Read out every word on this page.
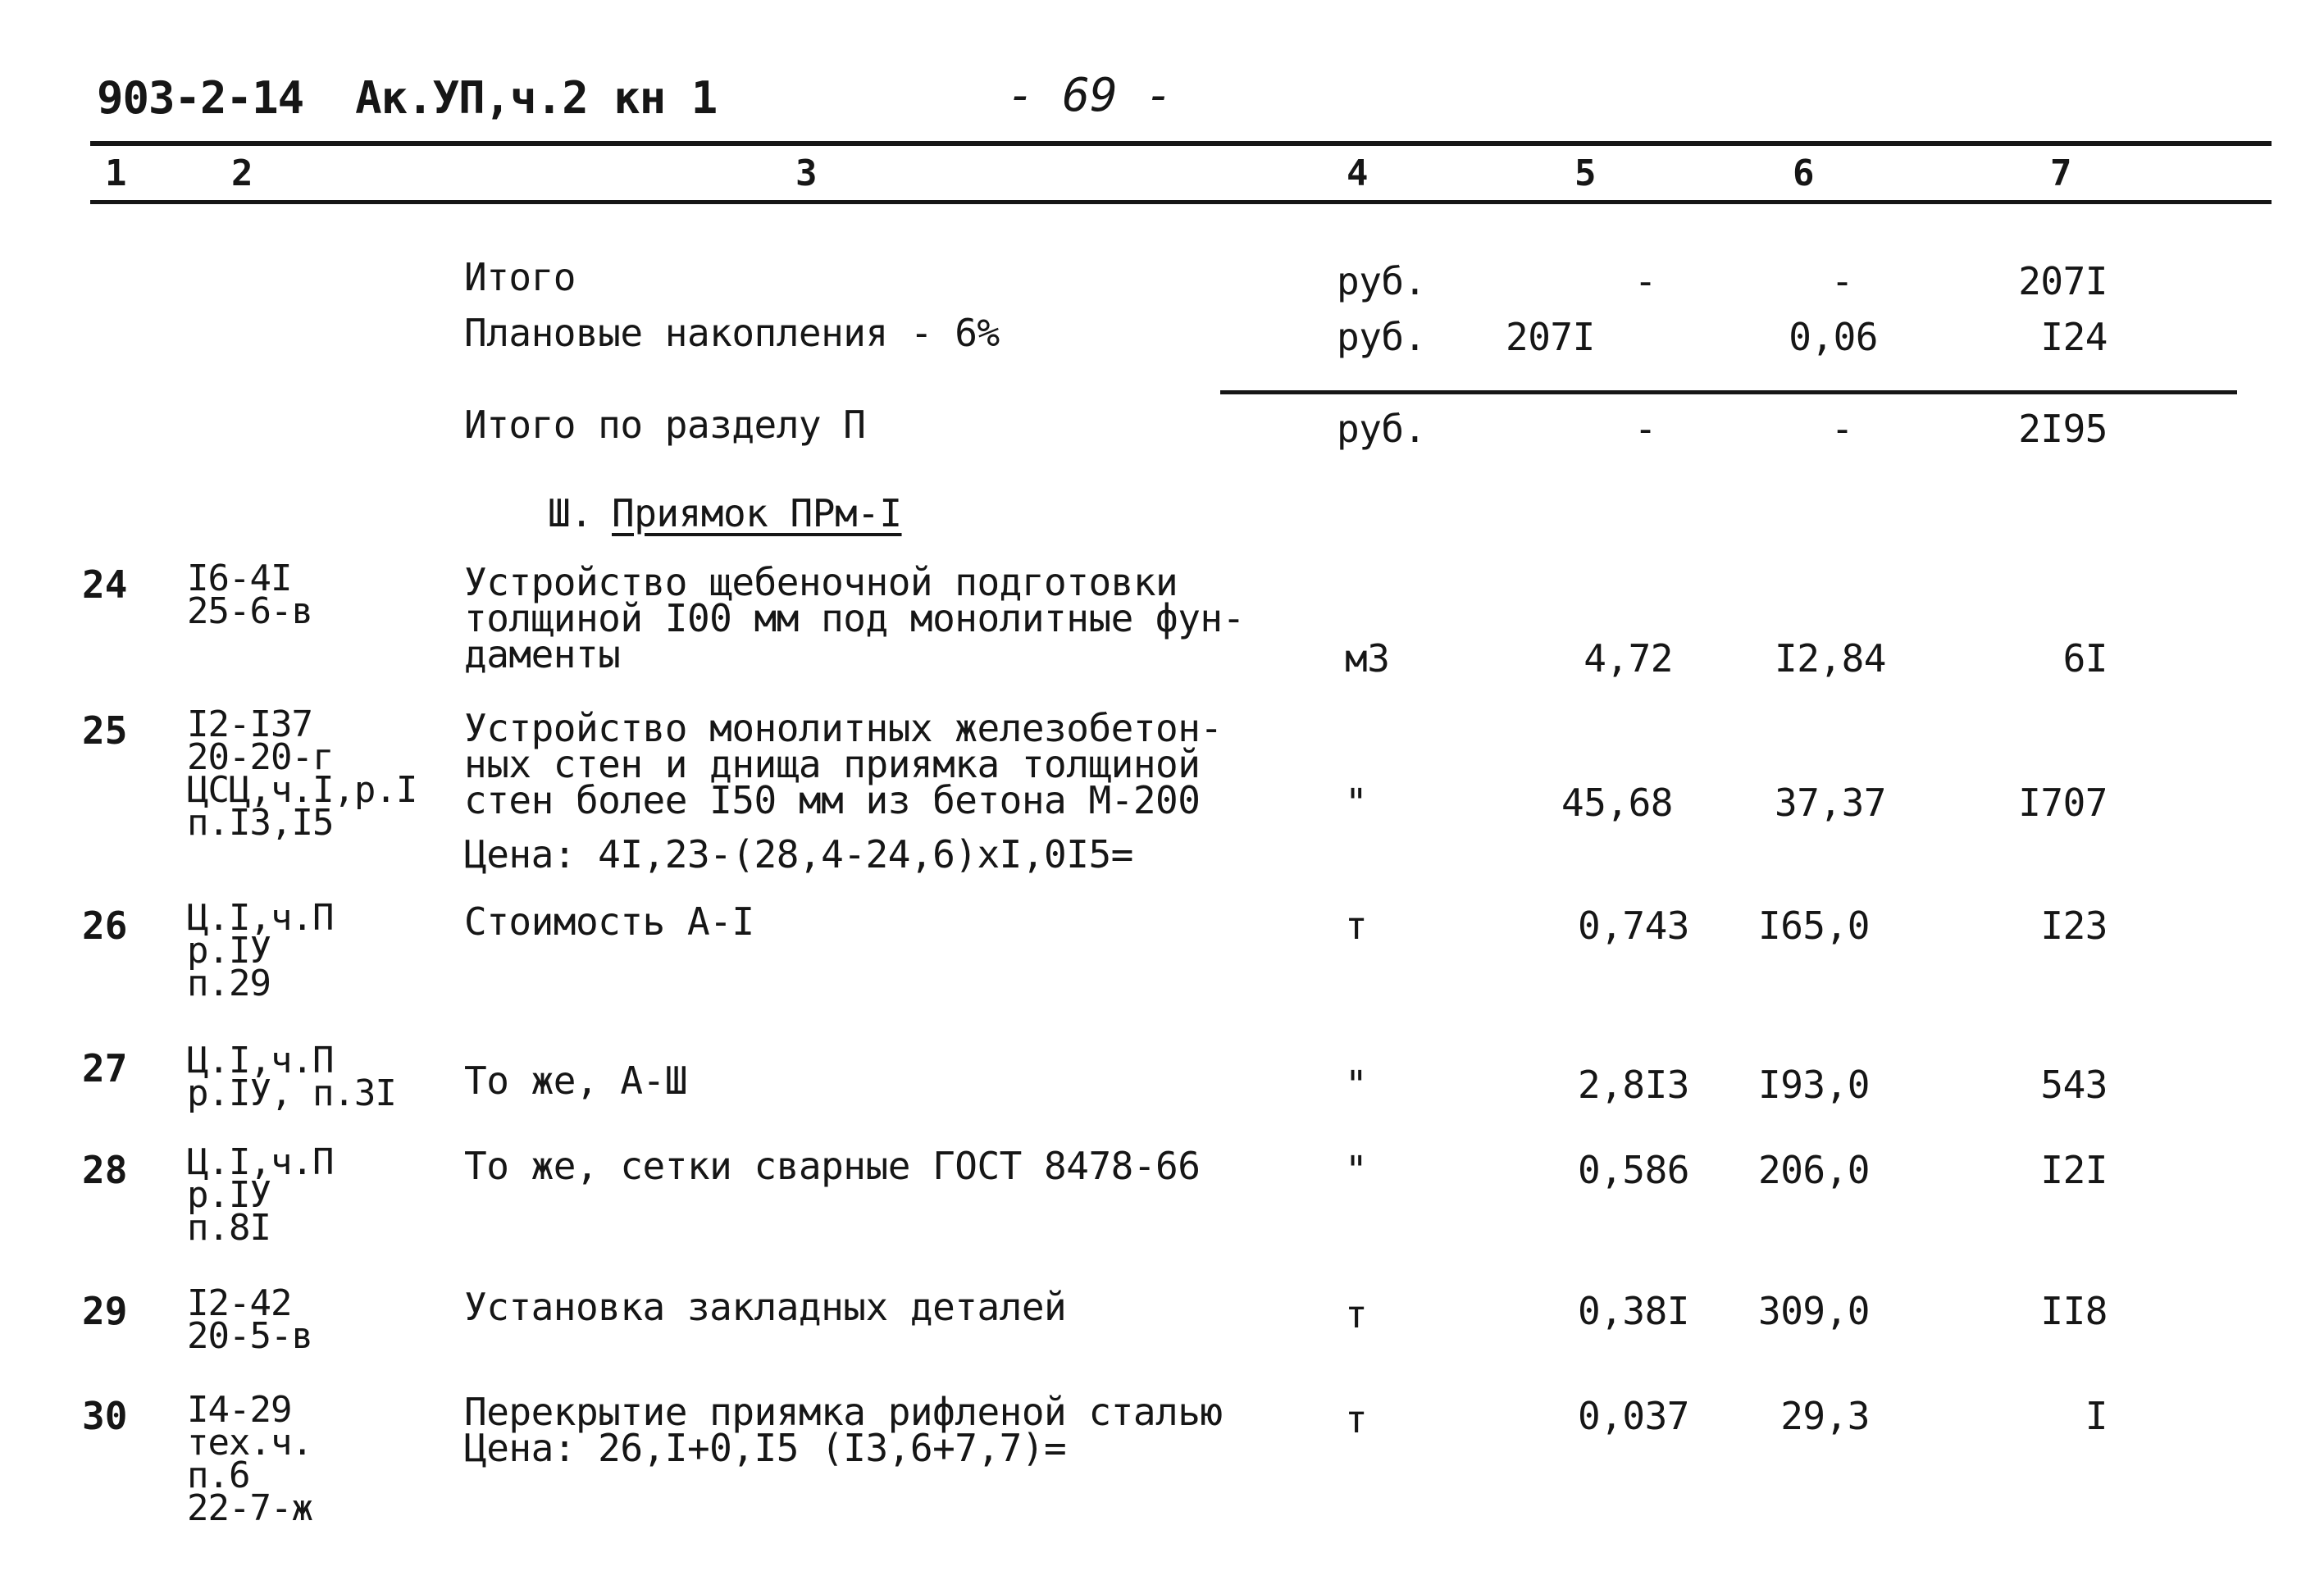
903-2-14  Ак.УП,ч.2 кн 1	- 69 -
1	2	3	4	5	6	7
Итого	руб.	-	-	207I
Плановые накопления - 6%	руб. 207I	0,06	I24
Итого по разделу П	руб.	-	-	2I95
Ш. Приямок ПРм-I
24 I6-4I
25-6-в
Устройство щебеночной подготовки
толщиной I00 мм под монолитные фун-
даменты	м3	4,72	I2,84	6I
25 I2-I37
20-20-г
ЦСЦ,ч.I,р.I
п.I3,I5
Устройство монолитных железобетон-
ных стен и днища приямка толщиной
стен более I50 мм из бетона М-200
Цена: 4I,23-(28,4-24,6)хI,0I5=
"	45,68	37,37	I707
26 Ц.I,ч.П
р.IУ
п.29
Стоимость А-I	т	0,743	I65,0	I23
27 Ц.I,ч.П
р.IУ, п.3I То же, А-Ш	"	2,8I3	I93,0	543
28 Ц.I,ч.П
р.IУ
п.8I
То же, сетки сварные ГОСТ 8478-66	"	0,586	206,0	I2I
29 I2-42
20-5-в
Установка закладных деталей	т	0,38I	309,0	II8
30 I4-29
тех.ч.
п.6
22-7-ж
Перекрытие приямка рифленой сталью
Цена: 26,I+0,I5 (I3,6+7,7)=
т	0,037	29,3	I
